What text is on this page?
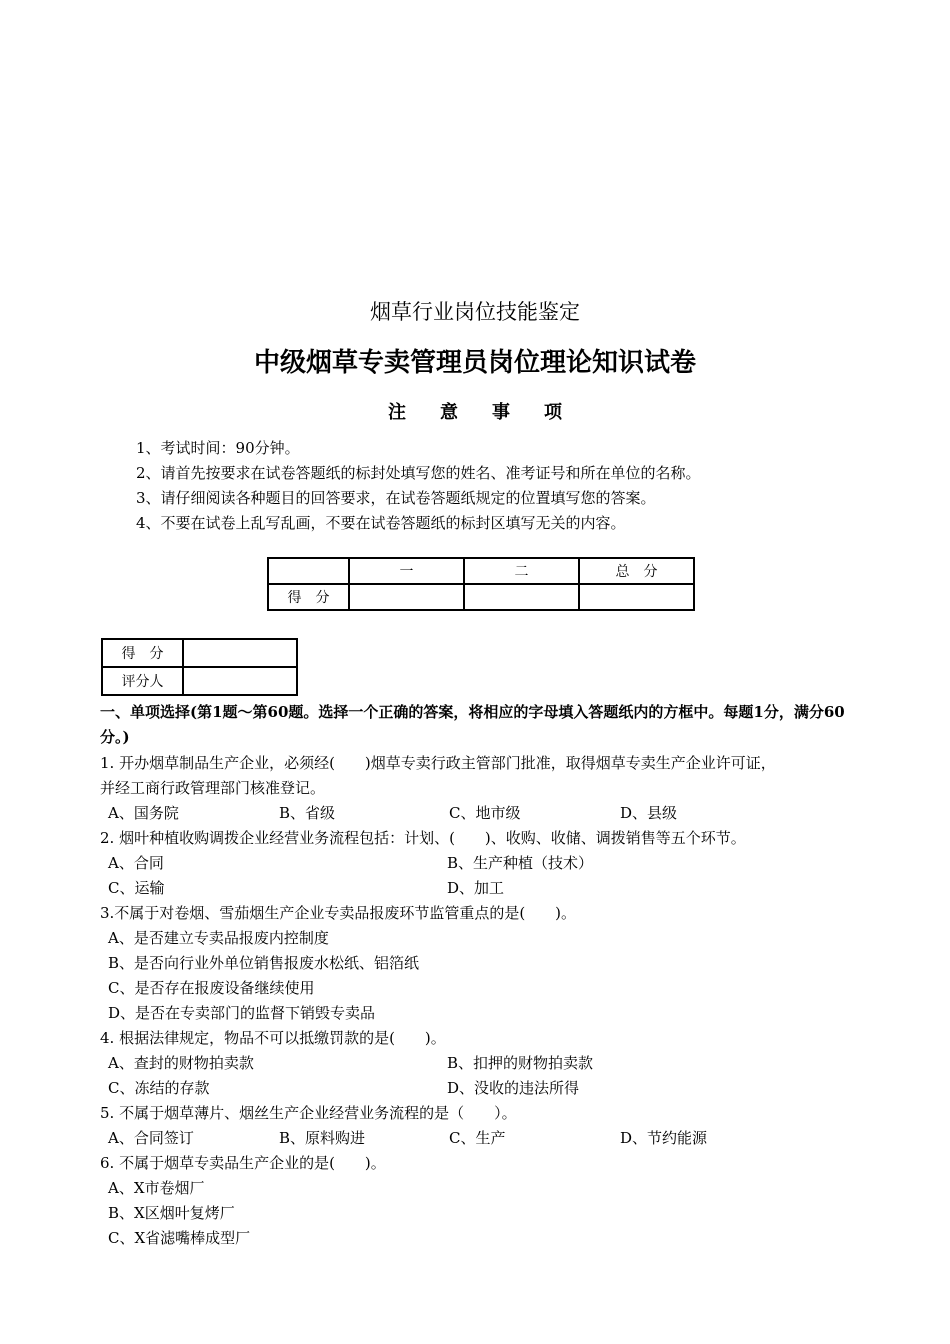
烟草行业岗位技能鉴定
中级烟草专卖管理员岗位理论知识试卷
注意事项
1、考试时间：90分钟。
2、请首先按要求在试卷答题纸的标封处填写您的姓名、准考证号和所在单位的名称。
3、请仔细阅读各种题目的回答要求，在试卷答题纸规定的位置填写您的答案。
4、不要在试卷上乱写乱画，不要在试卷答题纸的标封区填写无关的内容。
	一	二	总　分
得　分			
得　分	
评分人	
一、单项选择(第1题～第60题。选择一个正确的答案，将相应的字母填入答题纸内的方框中。每题1分，满分60分。)
1. 开办烟草制品生产企业，必须经(　　)烟草专卖行政主管部门批准，取得烟草专卖生产企业许可证，
并经工商行政管理部门核准登记。
A、国务院	B、省级	C、地市级	D、县级
2. 烟叶种植收购调拨企业经营业务流程包括：计划、(　　)、收购、收储、调拨销售等五个环节。
A、合同	B、生产种植（技术）
C、运输	D、加工
3.不属于对卷烟、雪茄烟生产企业专卖品报废环节监管重点的是(　　)。
A、是否建立专卖品报废内控制度
B、是否向行业外单位销售报废水松纸、铝箔纸
C、是否存在报废设备继续使用
D、是否在专卖部门的监督下销毁专卖品
4. 根据法律规定，物品不可以抵缴罚款的是(　　)。
A、查封的财物拍卖款	B、扣押的财物拍卖款
C、冻结的存款	D、没收的违法所得
5. 不属于烟草薄片、烟丝生产企业经营业务流程的是（　　）。
A、合同签订	B、原料购进	C、生产	D、节约能源
6. 不属于烟草专卖品生产企业的是(　　)。
A、X市卷烟厂
B、X区烟叶复烤厂
C、X省滤嘴棒成型厂
